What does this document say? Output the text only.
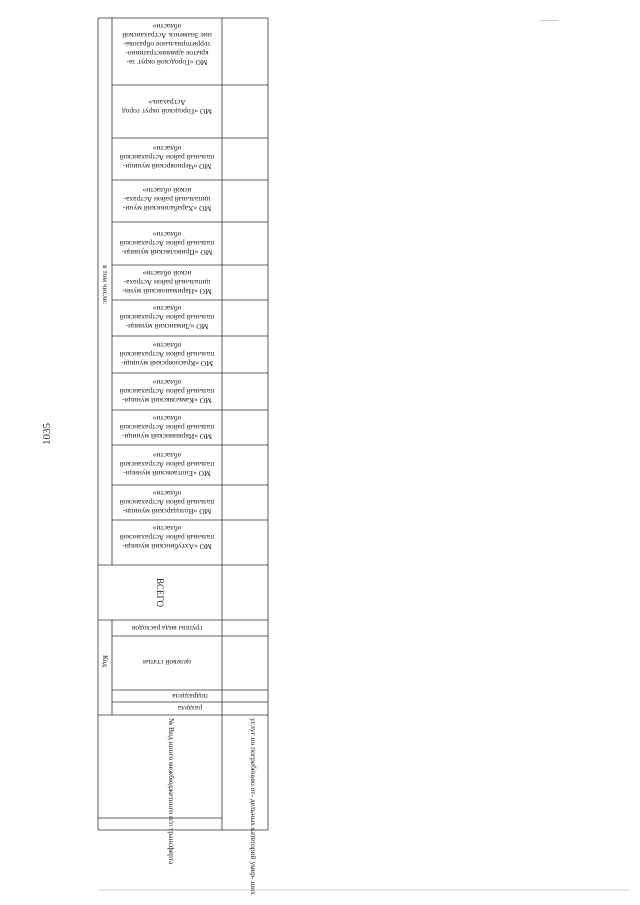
1035
№ Вид иного межбюджетного п/п трансферта	услуг по погребению от- дельных категорий умер- ших
Код
раздела
подраздела
целевой статьи
группы вида расходов
ВСЕГО
в том числе:
МО «Ахтубинский муници-
пальный район Астраханской
области»
МО «Володарский муници-
пальный район Астраханской
области»
МО «Енотаевский муници-
пальный район Астраханской
области»
МО «Икрянинский муници-
пальный район Астраханской
области»
МО «Камызякский муници-
пальный район Астраханской
области»
МО «Красноярский муници-
пальный район Астраханской
области»
МО «Лиманский муници-
пальный район Астраханской
области»
МО «Наримановский муни-
ципальный район Астраха-
нской области»
МО «Приволжский муници-
пальный район Астраханской
области»
МО «Харабалинский муни-
ципальный район Астраха-
нской области»
МО «Черноярский муници-
пальный район Астраханской
области»
МО «Городской округ город
Астрахань»
МО «Городской округ за-
крытое административно-
территориальное образова-
ние Знаменск Астраханской
области»
